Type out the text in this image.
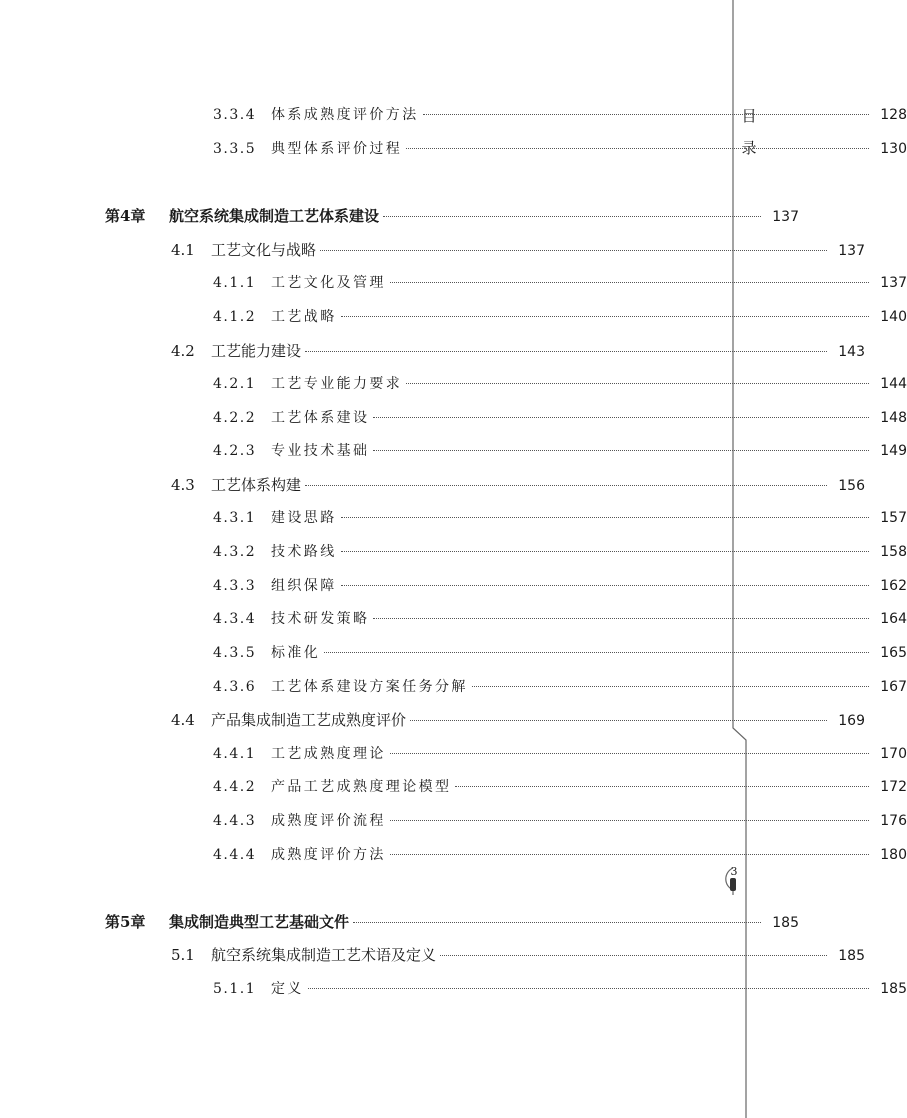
目
录
3
3.3.4	体系成熟度评价方法	128
3.3.5	典型体系评价过程	130
第4章	航空系统集成制造工艺体系建设	137
4.1	工艺文化与战略	137
4.1.1	工艺文化及管理	137
4.1.2	工艺战略	140
4.2	工艺能力建设	143
4.2.1	工艺专业能力要求	144
4.2.2	工艺体系建设	148
4.2.3	专业技术基础	149
4.3	工艺体系构建	156
4.3.1	建设思路	157
4.3.2	技术路线	158
4.3.3	组织保障	162
4.3.4	技术研发策略	164
4.3.5	标准化	165
4.3.6	工艺体系建设方案任务分解	167
4.4	产品集成制造工艺成熟度评价	169
4.4.1	工艺成熟度理论	170
4.4.2	产品工艺成熟度理论模型	172
4.4.3	成熟度评价流程	176
4.4.4	成熟度评价方法	180
第5章	集成制造典型工艺基础文件	185
5.1	航空系统集成制造工艺术语及定义	185
5.1.1	定义	185
